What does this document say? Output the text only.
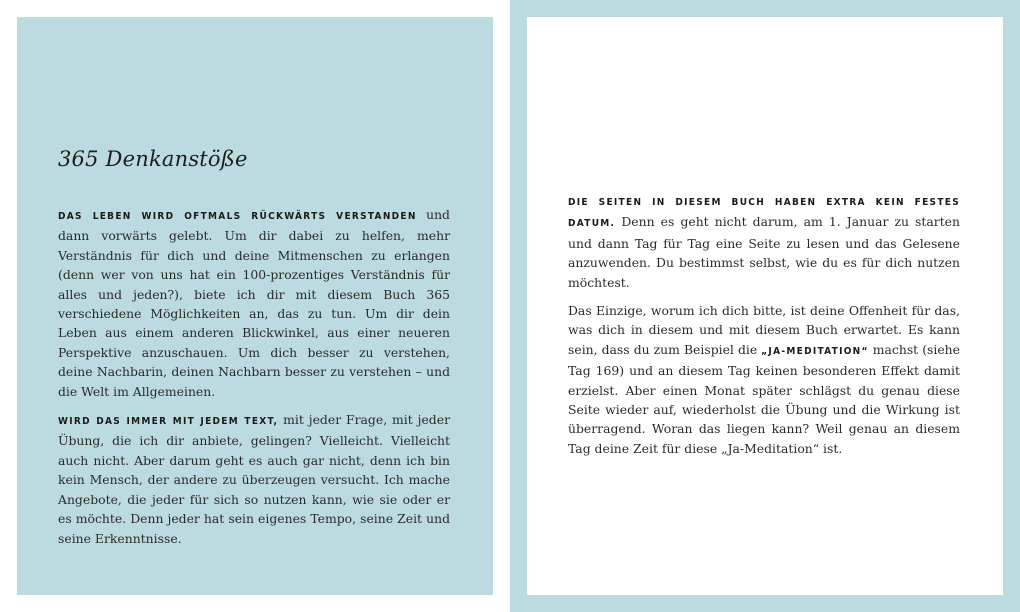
365 Denkanstöße

DAS LEBEN WIRD OFTMALS RÜCKWÄRTS VERSTANDEN und dann vorwärts gelebt. Um dir dabei zu helfen, mehr Verständnis für dich und deine Mitmenschen zu erlangen (denn wer von uns hat ein 100-prozentiges Verständnis für alles und jeden?), biete ich dir mit diesem Buch 365 verschiedene Möglichkeiten an, das zu tun. Um dir dein Leben aus einem anderen Blickwinkel, aus einer neueren Perspektive anzuschauen. Um dich besser zu verstehen, deine Nachbarin, deinen Nachbarn besser zu verstehen – und die Welt im Allgemeinen.

WIRD DAS IMMER MIT JEDEM TEXT, mit jeder Frage, mit jeder Übung, die ich dir anbiete, gelingen? Vielleicht. Vielleicht auch nicht. Aber darum geht es auch gar nicht, denn ich bin kein Mensch, der andere zu überzeugen versucht. Ich mache Angebote, die jeder für sich so nutzen kann, wie sie oder er es möchte. Denn jeder hat sein eigenes Tempo, seine Zeit und seine Erkenntnisse.

DIE SEITEN IN DIESEM BUCH HABEN EXTRA KEIN FESTES DATUM. Denn es geht nicht darum, am 1. Januar zu starten und dann Tag für Tag eine Seite zu lesen und das Gelesene anzuwenden. Du bestimmst selbst, wie du es für dich nutzen möchtest.

Das Einzige, worum ich dich bitte, ist deine Offenheit für das, was dich in diesem und mit diesem Buch erwartet. Es kann sein, dass du zum Beispiel die „JA-MEDITATION“ machst (siehe Tag 169) und an diesem Tag keinen besonderen Effekt damit erzielst. Aber einen Monat später schlägst du genau diese Seite wieder auf, wiederholst die Übung und die Wirkung ist überragend. Woran das liegen kann? Weil genau an diesem Tag deine Zeit für diese „Ja-Meditation“ ist.
